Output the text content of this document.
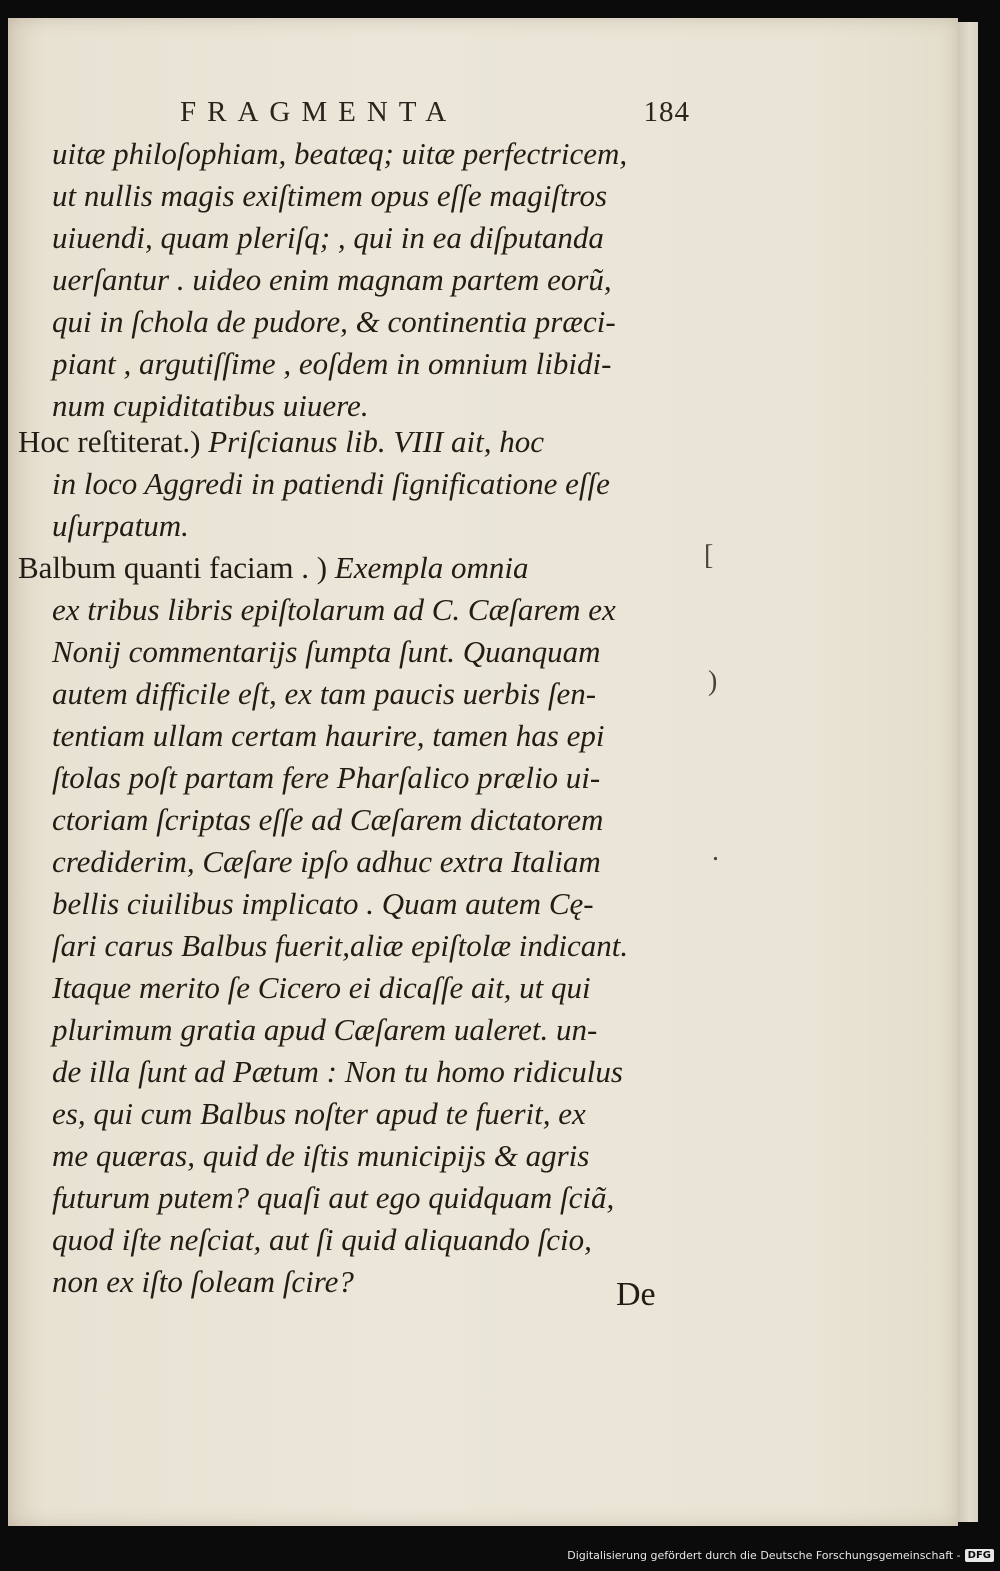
FRAGMENTA	184
uitæ philoſophiam, beatæq; uitæ perfectricem,
ut nullis magis exiſtimem opus eſſe magiſtros
uiuendi, quam pleriſq; , qui in ea diſputanda
uerſantur . uideo enim magnam partem eorũ,
qui in ſchola de pudore, & continentia præci-
piant , argutiſſime , eoſdem in omnium libidi-
num cupiditatibus uiuere.
Hoc reſtiterat.) Priſcianus lib. VIII ait, hoc
in loco Aggredi in patiendi ſignificatione eſſe
uſurpatum.
Balbum quanti faciam . ) Exempla omnia
ex tribus libris epiſtolarum ad C. Cæſarem ex
Nonij commentarijs ſumpta ſunt. Quanquam
autem difficile eſt, ex tam paucis uerbis ſen-
tentiam ullam certam haurire, tamen has epi
ſtolas poſt partam fere Pharſalico prælio ui-
ctoriam ſcriptas eſſe ad Cæſarem dictatorem
crediderim, Cæſare ipſo adhuc extra Italiam
bellis ciuilibus implicato . Quam autem Cę-
ſari carus Balbus fuerit,aliæ epiſtolæ indicant.
Itaque merito ſe Cicero ei dicaſſe ait, ut qui
plurimum gratia apud Cæſarem ualeret. un-
de illa ſunt ad Pætum : Non tu homo ridiculus
es, qui cum Balbus noſter apud te fuerit, ex
me quæras, quid de iſtis municipijs & agris
futurum putem? quaſi aut ego quidquam ſciã,
quod iſte neſciat, aut ſi quid aliquando ſcio,
non ex iſto ſoleam ſcire?
[
)
.
De
Digitalisierung gefördert durch die Deutsche Forschungsgemeinschaft - DFG
